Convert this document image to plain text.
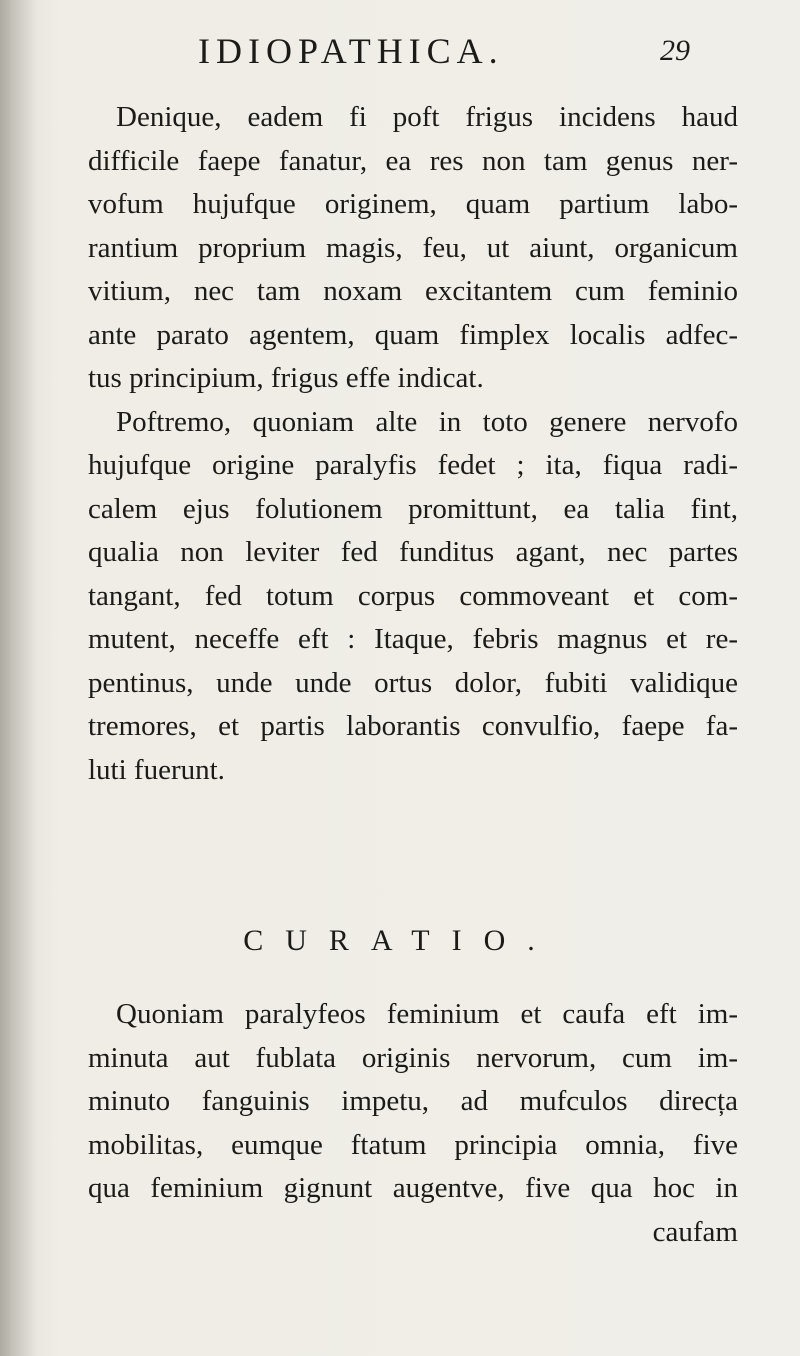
IDIOPATHICA.	29
Denique, eadem fi poft frigus incidens haud
difficile faepe fanatur, ea res non tam genus ner-
vofum hujufque originem, quam partium labo-
rantium proprium magis, feu, ut aiunt, organicum
vitium, nec tam noxam excitantem cum feminio
ante parato agentem, quam fimplex localis adfec-
tus principium, frigus effe indicat.
Poftremo, quoniam alte in toto genere nervofo
hujufque origine paralyfis fedet ; ita, fiqua radi-
calem ejus folutionem promittunt, ea talia fint,
qualia non leviter fed funditus agant, nec partes
tangant, fed totum corpus commoveant et com-
mutent, neceffe eft : Itaque, febris magnus et re-
pentinus, unde unde ortus dolor, fubiti validique
tremores, et partis laborantis convulfio, faepe fa-
luti fuerunt.
CURATIO.
Quoniam paralyfeos feminium et caufa eft im-
minuta aut fublata originis nervorum, cum im-
minuto fanguinis impetu, ad mufculos direcța
mobilitas, eumque ftatum principia omnia, five
qua feminium gignunt augentve, five qua hoc in
caufam
